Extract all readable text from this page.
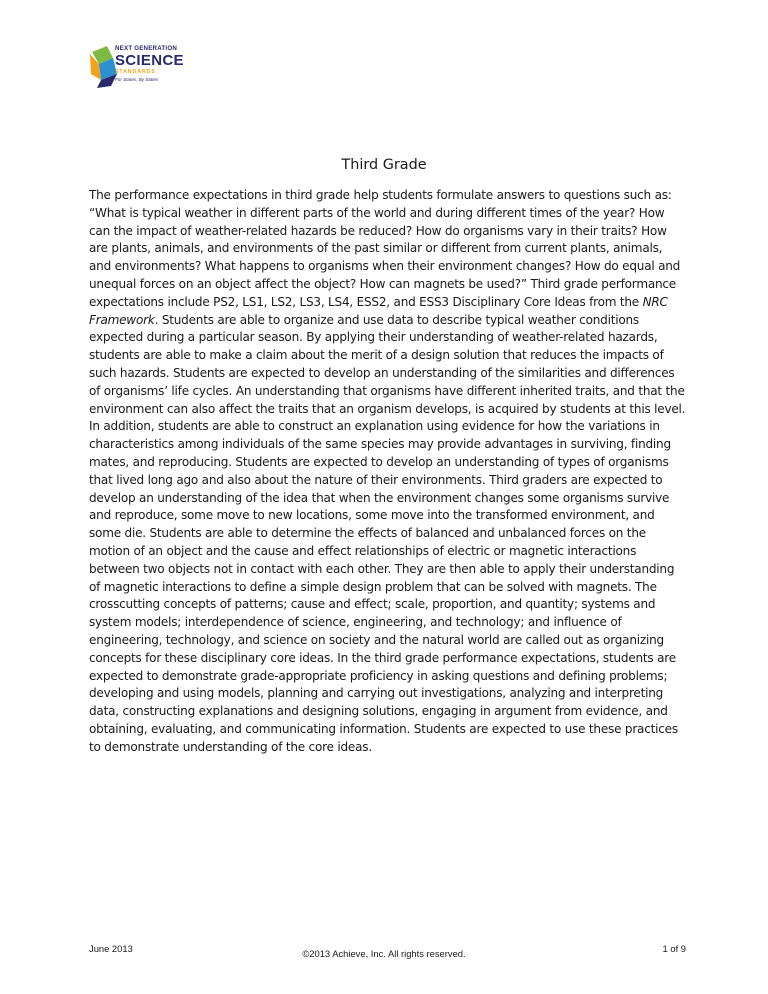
NEXT GENERATION
SCIENCE
STANDARDS
For States, By States
Third Grade

The performance expectations in third grade help students formulate answers to questions such as: “What is typical weather in different parts of the world and during different times of the year? How can the impact of weather-related hazards be reduced? How do organisms vary in their traits? How are plants, animals, and environments of the past similar or different from current plants, animals, and environments? What happens to organisms when their environment changes? How do equal and unequal forces on an object affect the object? How can magnets be used?” Third grade performance expectations include PS2, LS1, LS2, LS3, LS4, ESS2, and ESS3 Disciplinary Core Ideas from the NRC Framework. Students are able to organize and use data to describe typical weather conditions expected during a particular season. By applying their understanding of weather-related hazards, students are able to make a claim about the merit of a design solution that reduces the impacts of such hazards. Students are expected to develop an understanding of the similarities and differences of organisms’ life cycles. An understanding that organisms have different inherited traits, and that the environment can also affect the traits that an organism develops, is acquired by students at this level. In addition, students are able to construct an explanation using evidence for how the variations in characteristics among individuals of the same species may provide advantages in surviving, finding mates, and reproducing. Students are expected to develop an understanding of types of organisms that lived long ago and also about the nature of their environments. Third graders are expected to develop an understanding of the idea that when the environment changes some organisms survive and reproduce, some move to new locations, some move into the transformed environment, and some die. Students are able to determine the effects of balanced and unbalanced forces on the motion of an object and the cause and effect relationships of electric or magnetic interactions between two objects not in contact with each other. They are then able to apply their understanding of magnetic interactions to define a simple design problem that can be solved with magnets. The crosscutting concepts of patterns; cause and effect; scale, proportion, and quantity; systems and system models; interdependence of science, engineering, and technology; and influence of engineering, technology, and science on society and the natural world are called out as organizing concepts for these disciplinary core ideas. In the third grade performance expectations, students are expected to demonstrate grade-appropriate proficiency in asking questions and defining problems; developing and using models, planning and carrying out investigations, analyzing and interpreting data, constructing explanations and designing solutions, engaging in argument from evidence, and obtaining, evaluating, and communicating information. Students are expected to use these practices to demonstrate understanding of the core ideas.

June 2013	©2013 Achieve, Inc. All rights reserved.	1 of 9
